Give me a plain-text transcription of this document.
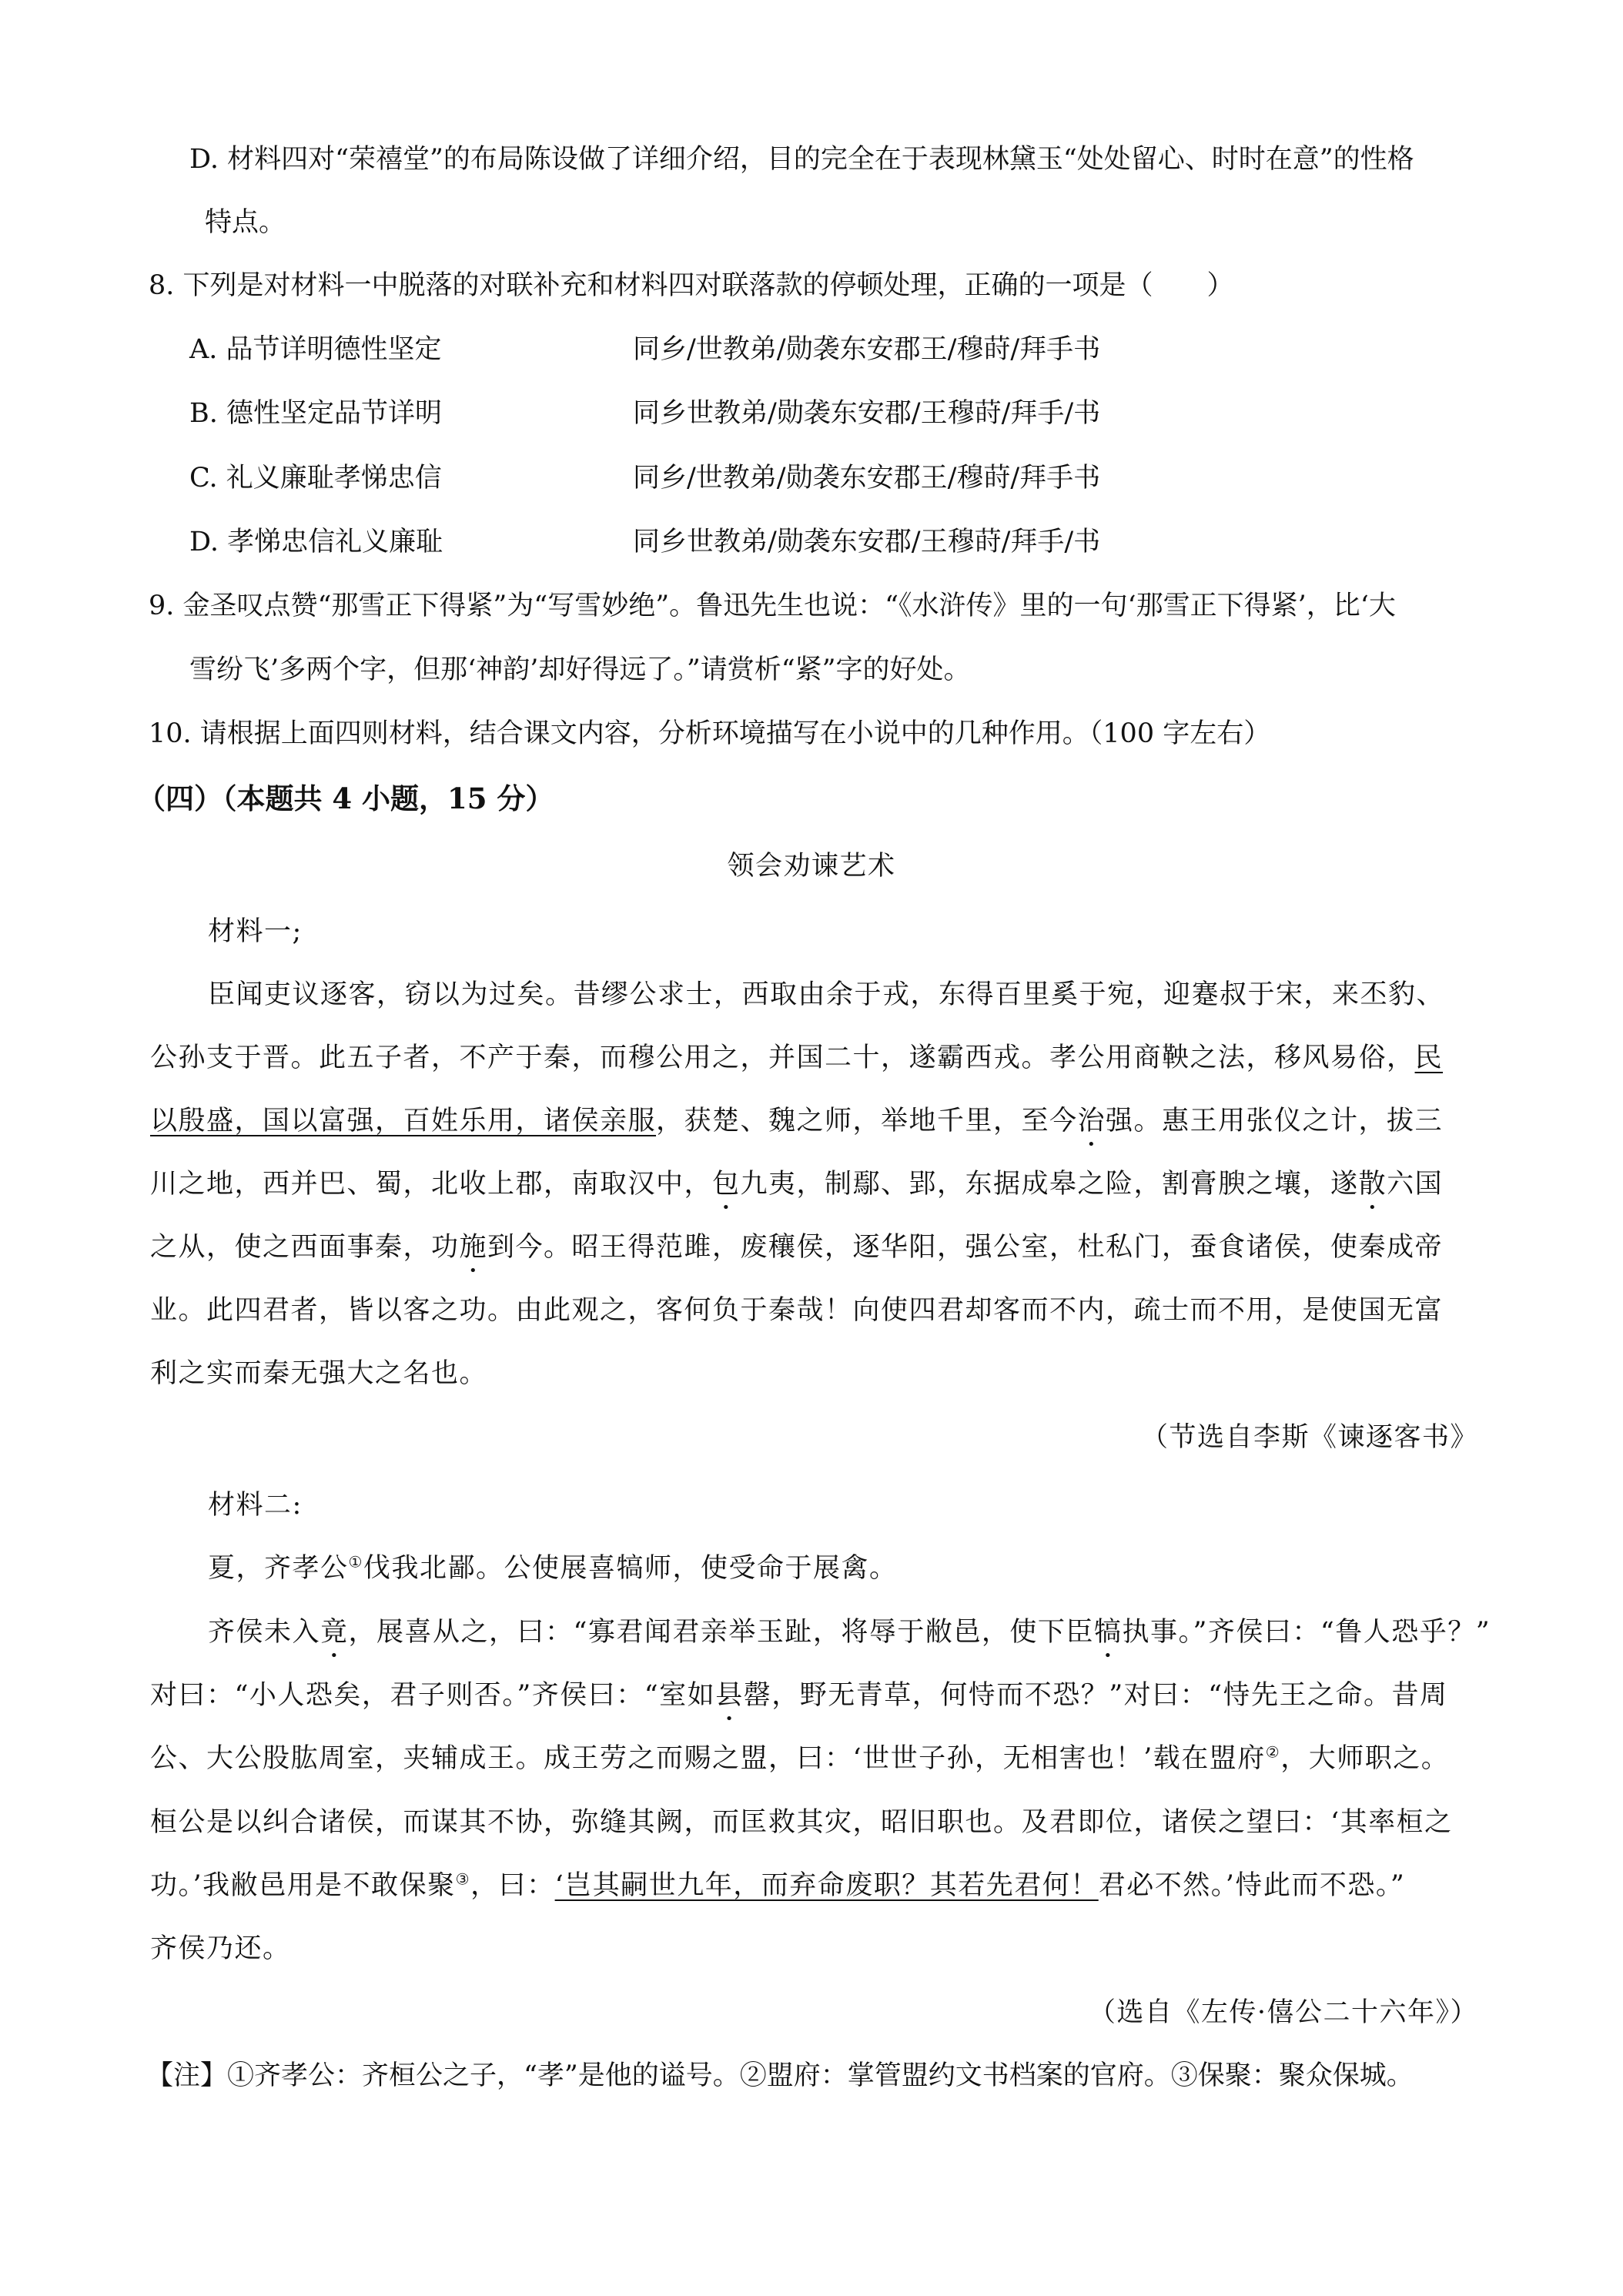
D. 材料四对“荣禧堂”的布局陈设做了详细介绍，目的完全在于表现林黛玉“处处留心、时时在意”的性格
特点。
8. 下列是对材料一中脱落的对联补充和材料四对联落款的停顿处理，正确的一项是（　　）
A. 品节详明德性坚定	同乡/世教弟/勋袭东安郡王/穆莳/拜手书
B. 德性坚定品节详明	同乡世教弟/勋袭东安郡/王穆莳/拜手/书
C. 礼义廉耻孝悌忠信	同乡/世教弟/勋袭东安郡王/穆莳/拜手书
D. 孝悌忠信礼义廉耻	同乡世教弟/勋袭东安郡/王穆莳/拜手/书
9. 金圣叹点赞“那雪正下得紧”为“写雪妙绝”。鲁迅先生也说：“《水浒传》里的一句‘那雪正下得紧’，比‘大
雪纷飞’多两个字，但那‘神韵’却好得远了。”请赏析“紧”字的好处。
10. 请根据上面四则材料，结合课文内容，分析环境描写在小说中的几种作用。（100 字左右）
（四）（本题共 4 小题，15 分）
领会劝谏艺术
材料一;
臣闻吏议逐客，窃以为过矣。昔缪公求士，西取由余于戎，东得百里奚于宛，迎蹇叔于宋，来丕豹、
公孙支于晋。此五子者，不产于秦，而穆公用之，并国二十，遂霸西戎。孝公用商鞅之法，移风易俗，民
以殷盛，国以富强，百姓乐用，诸侯亲服，获楚、魏之师，举地千里，至今治强。惠王用张仪之计，拔三
川之地，西并巴、蜀，北收上郡，南取汉中，包九夷，制鄢、郢，东据成皋之险，割膏腴之壤，遂散六国
之从，使之西面事秦，功施到今。昭王得范雎，废穰侯，逐华阳，强公室，杜私门，蚕食诸侯，使秦成帝
业。此四君者，皆以客之功。由此观之，客何负于秦哉！向使四君却客而不内，疏士而不用，是使国无富
利之实而秦无强大之名也。
（节选自李斯《谏逐客书》
材料二:
夏，齐孝公①伐我北鄙。公使展喜犒师，使受命于展禽。
齐侯未入竟，展喜从之，曰：“寡君闻君亲举玉趾，将辱于敝邑，使下臣犒执事。”齐侯曰：“鲁人恐乎？”
对曰：“小人恐矣，君子则否。”齐侯曰：“室如县罄，野无青草，何恃而不恐？”对曰：“恃先王之命。昔周
公、大公股肱周室，夹辅成王。成王劳之而赐之盟，曰：‘世世子孙，无相害也！’载在盟府②，大师职之。
桓公是以纠合诸侯，而谋其不协，弥缝其阙，而匡救其灾，昭旧职也。及君即位，诸侯之望曰：‘其率桓之
功。’我敝邑用是不敢保聚③，曰：‘岂其嗣世九年，而弃命废职？其若先君何！君必不然。’恃此而不恐。”
齐侯乃还。
（选自《左传·僖公二十六年》）
【注】①齐孝公：齐桓公之子，“孝”是他的谥号。②盟府：掌管盟约文书档案的官府。③保聚：聚众保城。
